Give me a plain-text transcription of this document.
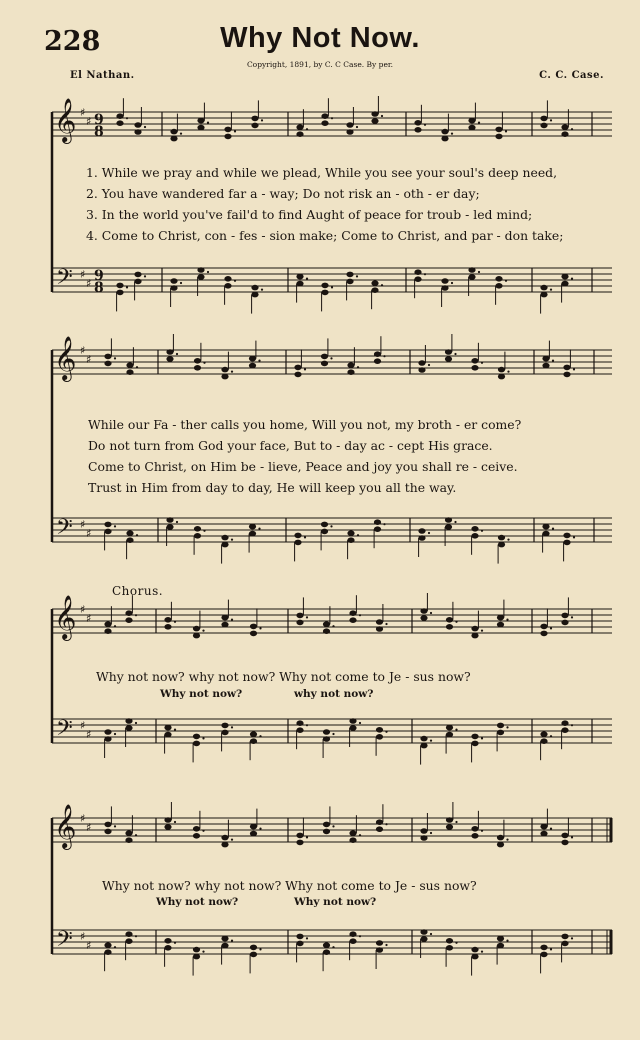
228	Why Not Now.
Copyright, 1891, by C. C Case. By per.
El Nathan.	C. C. Case.
𝄞
𝄢
♯
♯
♯
♯
9
8
9
8
𝄞
𝄢
♯
♯
♯
♯
𝄞
𝄢
♯
♯
♯
♯
𝄞
𝄢
♯
♯
♯
♯
1. While we pray and while we plead, While you see your soul's deep need,
2. You have wandered far a - way; Do not risk an - oth - er day;
3. In the world you've fail'd to find Aught of peace for troub - led mind;
4. Come to Christ, con - fes - sion make; Come to Christ, and par - don take;
While our Fa - ther calls you home, Will you not, my broth - er come?
Do not turn from God your face, But to - day ac - cept His grace.
Come to Christ, on Him be - lieve, Peace and joy you shall re - ceive.
Trust in Him from day to day, He will keep you all the way.
Chorus.
Why not now? why not now? Why not come to Je - sus now?
Why not now?	why not now?
Why not now? why not now? Why not come to Je - sus now?
Why not now?	Why not now?
